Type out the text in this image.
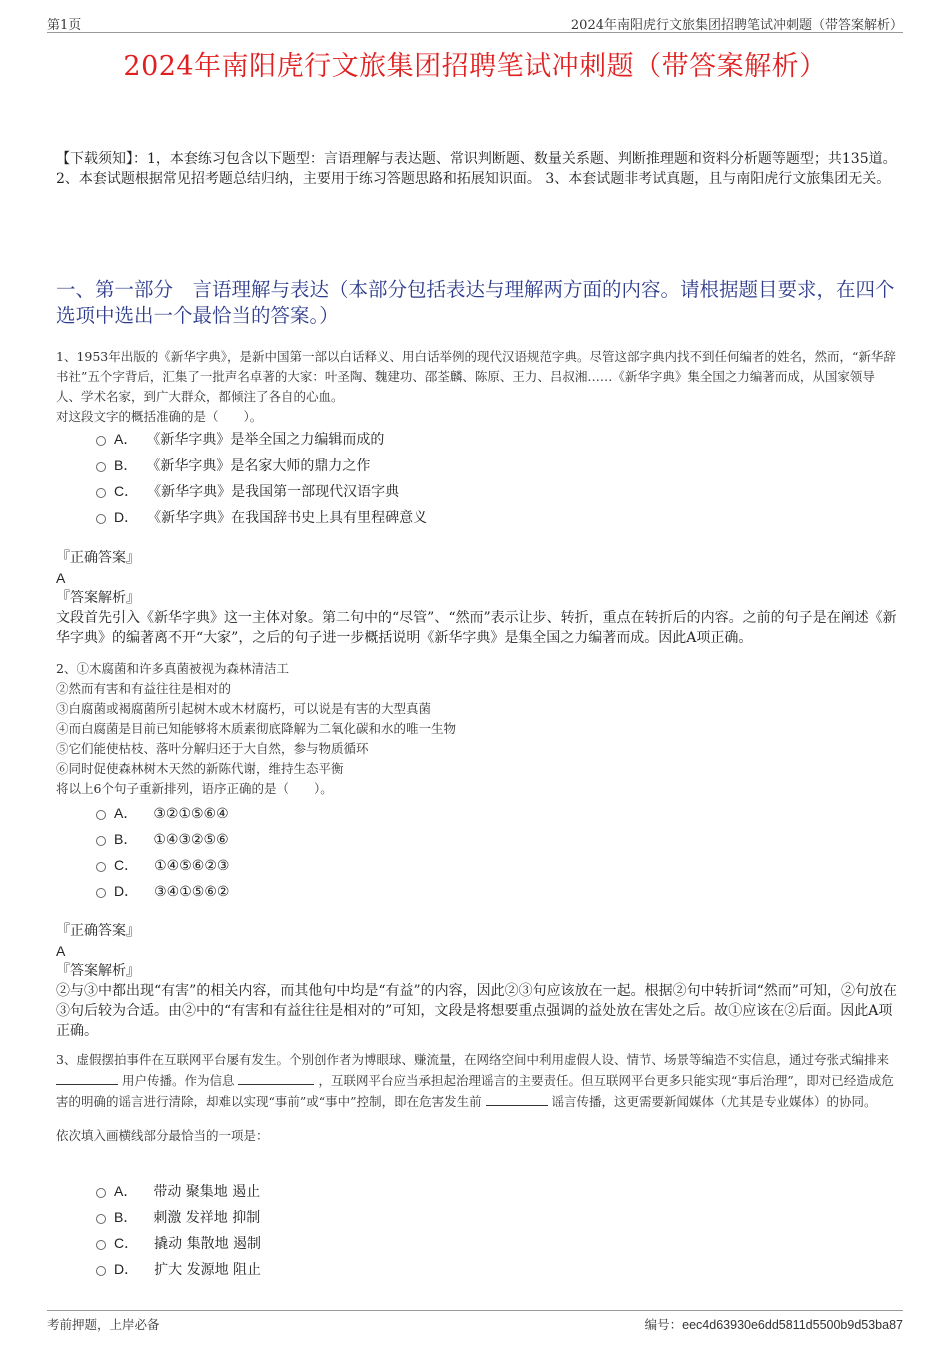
第1页	2024年南阳虎行文旅集团招聘笔试冲刺题（带答案解析）
2024年南阳虎行文旅集团招聘笔试冲刺题（带答案解析）
【下载须知】：1，本套练习包含以下题型：言语理解与表达题、常识判断题、数量关系题、判断推理题和资料分析题等题型；共135道。 2、本套试题根据常见招考题总结归纳，主要用于练习答题思路和拓展知识面。 3、本套试题非考试真题，且与南阳虎行文旅集团无关。
一、第一部分　言语理解与表达（本部分包括表达与理解两方面的内容。请根据题目要求，在四个选项中选出一个最恰当的答案。）

1、1953年出版的《新华字典》，是新中国第一部以白话释义、用白话举例的现代汉语规范字典。尽管这部字典内找不到任何编者的姓名，然而，“新华辞书社”五个字背后，汇集了一批声名卓著的大家：叶圣陶、魏建功、邵荃麟、陈原、王力、吕叔湘……《新华字典》集全国之力编著而成，从国家领导人、学术名家，到广大群众，都倾注了各自的心血。

对这段文字的概括准确的是（　　）。

A． 《新华字典》是举全国之力编辑而成的
B． 《新华字典》是名家大师的鼎力之作
C． 《新华字典》是我国第一部现代汉语字典
D． 《新华字典》在我国辞书史上具有里程碑意义

『正确答案』

A

『答案解析』

文段首先引入《新华字典》这一主体对象。第二句中的“尽管”、“然而”表示让步、转折，重点在转折后的内容。之前的句子是在阐述《新华字典》的编著离不开“大家”，之后的句子进一步概括说明《新华字典》是集全国之力编著而成。因此A项正确。

2、①木腐菌和许多真菌被视为森林清洁工

②然而有害和有益往往是相对的

③白腐菌或褐腐菌所引起树木或木材腐朽，可以说是有害的大型真菌

④而白腐菌是目前已知能够将木质素彻底降解为二氧化碳和水的唯一生物

⑤它们能使枯枝、落叶分解归还于大自然，参与物质循环

⑥同时促使森林树木天然的新陈代谢，维持生态平衡

将以上6个句子重新排列，语序正确的是（　　）。

A． ③②①⑤⑥④
B． ①④③②⑤⑥
C． ①④⑤⑥②③
D． ③④①⑤⑥②

『正确答案』

A

『答案解析』

②与③中都出现“有害”的相关内容，而其他句中均是“有益”的内容，因此②③句应该放在一起。根据②句中转折词“然而”可知，②句放在③句后较为合适。由②中的“有害和有益往往是相对的”可知，文段是将想要重点强调的益处放在害处之后。故①应该在②后面。因此A项正确。

3、虚假摆拍事件在互联网平台屡有发生。个别创作者为博眼球、赚流量，在网络空间中利用虚假人设、情节、场景等编造不实信息，通过夸张式编排来  用户传播。作为信息	，互联网平台应当承担起治理谣言的主要责任。但互联网平台更多只能实现“事后治理”，即对已经造成危害的明确的谣言进行清除，却难以实现“事前”或“事中”控制，即在危害发生前	谣言传播，这更需要新闻媒体（尤其是专业媒体）的协同。

依次填入画横线部分最恰当的一项是：

A． 带动 聚集地 遏止
B． 刺激 发祥地 抑制
C． 撬动 集散地 遏制
D． 扩大 发源地 阻止
考前押题，上岸必备	编号：eec4d63930e6dd5811d5500b9d53ba87
